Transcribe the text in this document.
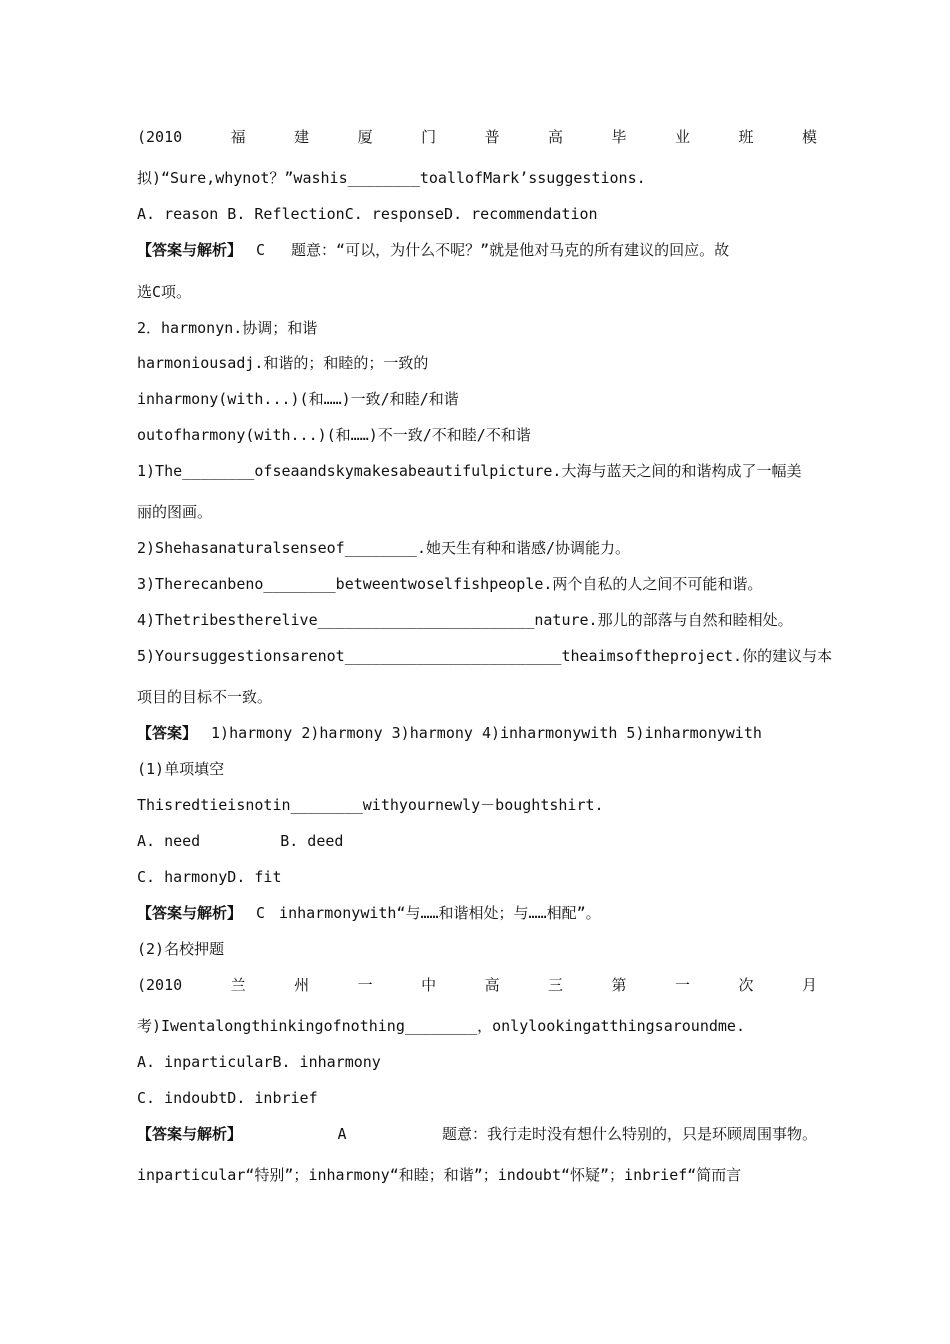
(2010	福	建	厦	门	普	高	毕	业	班	模
拟)“Sure,whynot？”washis________toallofMark’ssuggestions.
A. reason B. ReflectionC. responseD. recommendation
【答案与解析】 C 题意：“可以，为什么不呢？”就是他对马克的所有建议的回应。故
选C项。
2．harmonyn.协调；和谐
harmoniousadj.和谐的；和睦的；一致的
inharmony(with...)(和……)一致/和睦/和谐
outofharmony(with...)(和……)不一致/不和睦/不和谐
1)The________ofseaandskymakesabeautifulpicture.大海与蓝天之间的和谐构成了一幅美
丽的图画。
2)Shehasanaturalsenseof________.她天生有种和谐感/协调能力。
3)Therecanbeno________betweentwoselfishpeople.两个自私的人之间不可能和谐。
4)Thetribestherelive________________________nature.那儿的部落与自然和睦相处。
5)Yoursuggestionsarenot________________________theaimsoftheproject. 你 的 建 议 与 本
项目的目标不一致。
【答案】 1)harmony 2)harmony 3)harmony 4)inharmonywith 5)inharmonywith
(1)单项填空
Thisredtieisnotin________withyournewly－boughtshirt.
A. need	B. deed
C. harmonyD. fit
【答案与解析】 C inharmonywith“与……和谐相处；与……相配”。
(2)名校押题
(2010	兰	州	一	中	高	三	第	一	次	月
考)Iwentalongthinkingofnothing________，onlylookingatthingsaroundme.
A. inparticularB. inharmony
C. indoubtD. inbrief
【答案与解析】	A	题意：我行走时没有想什么特别的，只是环顾周围事物。
inparticular“特别”；inharmony“和睦；和谐”；indoubt“怀疑”；inbrief“简而言
